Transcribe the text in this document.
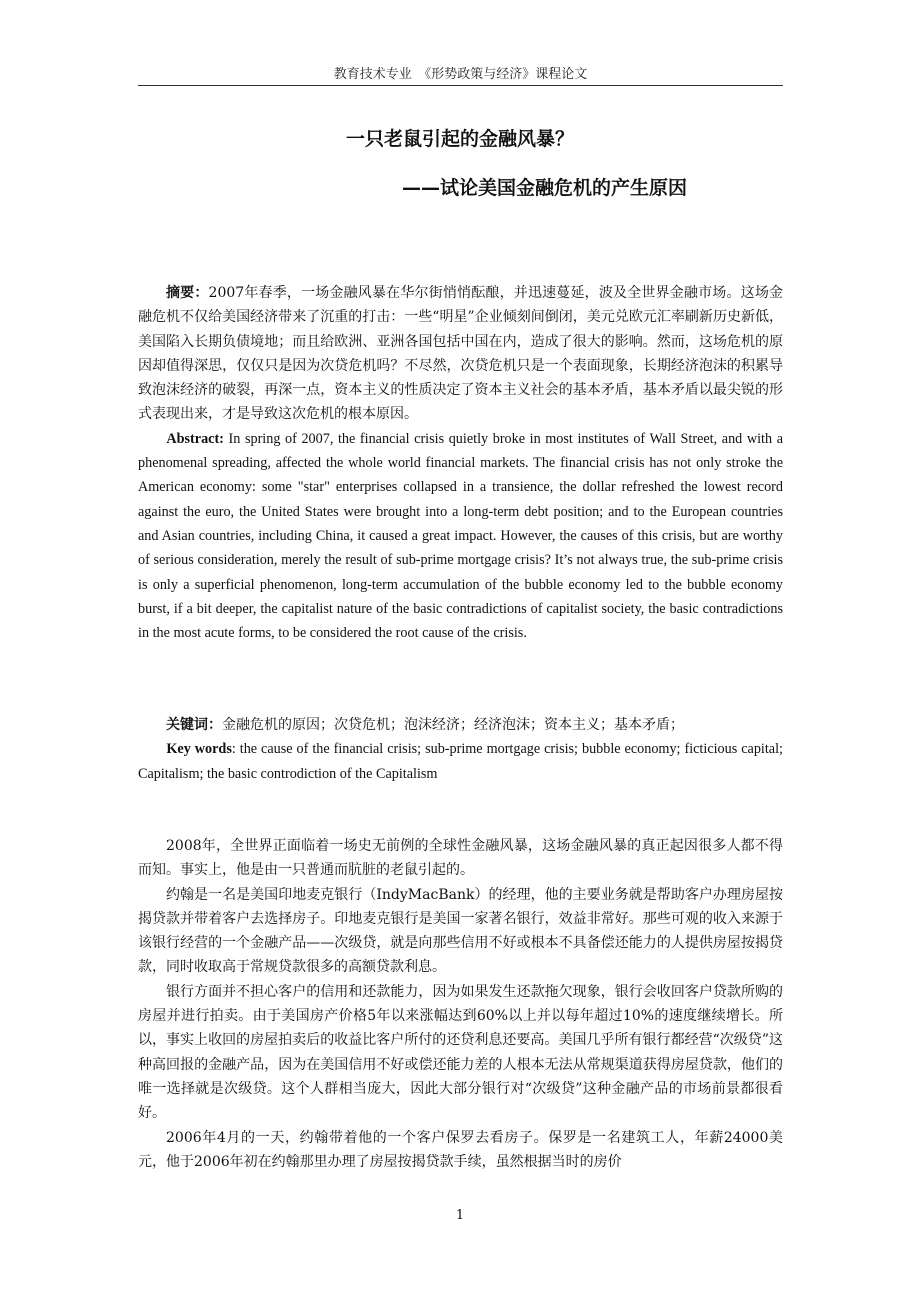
教育技术专业　《形势政策与经济》课程论文
一只老鼠引起的金融风暴？
——试论美国金融危机的产生原因

摘要：2007年春季，一场金融风暴在华尔街悄悄酝酿，并迅速蔓延，波及全世界金融市场。这场金融危机不仅给美国经济带来了沉重的打击：一些“明星”企业倾刻间倒闭，美元兑欧元汇率刷新历史新低，美国陷入长期负债境地；而且给欧洲、亚洲各国包括中国在内，造成了很大的影响。然而，这场危机的原因却值得深思，仅仅只是因为次贷危机吗？不尽然，次贷危机只是一个表面现象，长期经济泡沫的积累导致泡沫经济的破裂，再深一点，资本主义的性质决定了资本主义社会的基本矛盾，基本矛盾以最尖锐的形式表现出来，才是导致这次危机的根本原因。

Abstract: In spring of 2007, the financial crisis quietly broke in most institutes of Wall Street, and with a phenomenal spreading, affected the whole world financial markets. The financial crisis has not only stroke the American economy: some "star" enterprises collapsed in a transience, the dollar refreshed the lowest record against the euro, the United States were brought into a long-term debt position; and to the European countries and Asian countries, including China, it caused a great impact. However, the causes of this crisis, but are worthy of serious consideration, merely the result of sub-prime mortgage crisis? It’s not always true, the sub-prime crisis is only a superficial phenomenon, long-term accumulation of the bubble economy led to the bubble economy burst, if a bit deeper, the capitalist nature of the basic contradictions of capitalist society, the basic contradictions in the most acute forms, to be considered the root cause of the crisis.

关键词：金融危机的原因；次贷危机；泡沫经济；经济泡沫；资本主义；基本矛盾；

Key words: the cause of the financial crisis; sub-prime mortgage crisis; bubble economy; ficticious capital; Capitalism; the basic controdiction of the Capitalism

2008年，全世界正面临着一场史无前例的全球性金融风暴，这场金融风暴的真正起因很多人都不得而知。事实上，他是由一只普通而肮脏的老鼠引起的。

约翰是一名是美国印地麦克银行（IndyMacBank）的经理，他的主要业务就是帮助客户办理房屋按揭贷款并带着客户去选择房子。印地麦克银行是美国一家著名银行，效益非常好。那些可观的收入来源于该银行经营的一个金融产品——次级贷，就是向那些信用不好或根本不具备偿还能力的人提供房屋按揭贷款，同时收取高于常规贷款很多的高额贷款利息。

银行方面并不担心客户的信用和还款能力，因为如果发生还款拖欠现象，银行会收回客户贷款所购的房屋并进行拍卖。由于美国房产价格5年以来涨幅达到60%以上并以每年超过10%的速度继续增长。所以，事实上收回的房屋拍卖后的收益比客户所付的还贷利息还要高。美国几乎所有银行都经营“次级贷”这种高回报的金融产品，因为在美国信用不好或偿还能力差的人根本无法从常规渠道获得房屋贷款，他们的唯一选择就是次级贷。这个人群相当庞大，因此大部分银行对“次级贷”这种金融产品的市场前景都很看好。

2006年4月的一天，约翰带着他的一个客户保罗去看房子。保罗是一名建筑工人，年薪24000美元，他于2006年初在约翰那里办理了房屋按揭贷款手续，虽然根据当时的房价

1
